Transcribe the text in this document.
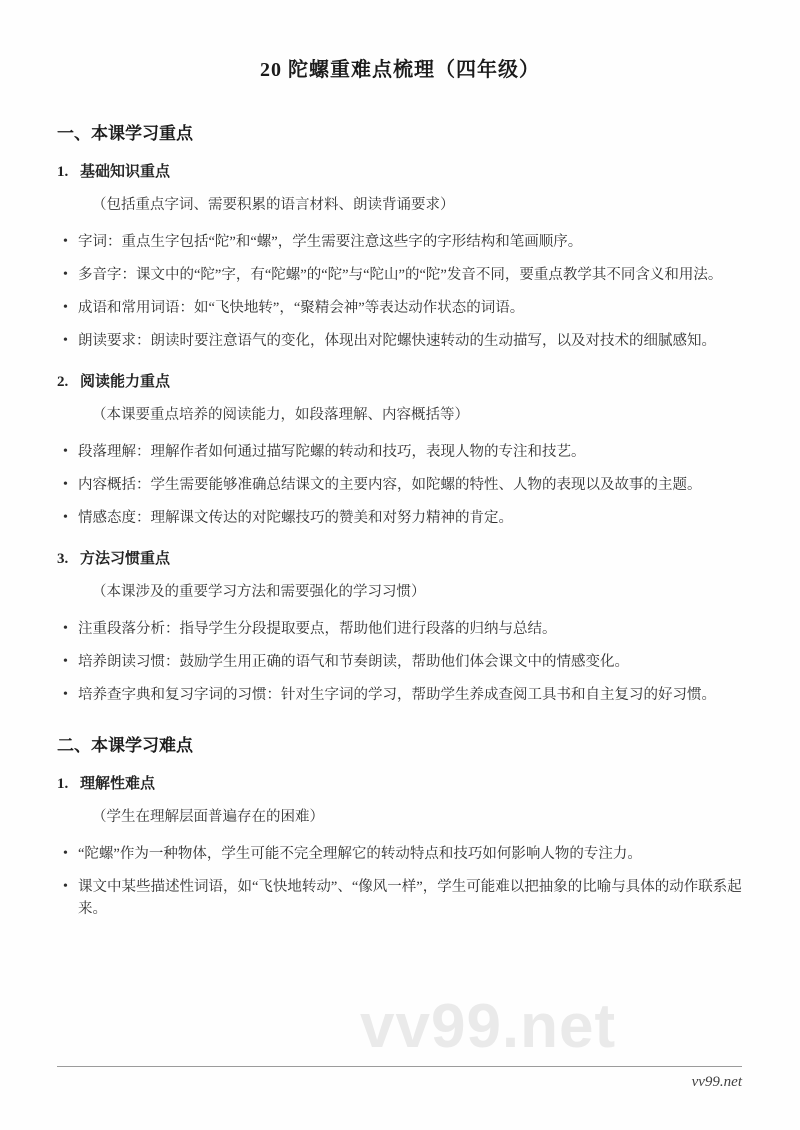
vv99.net
20 陀螺重难点梳理（四年级）
一、本课学习重点
1. 基础知识重点
（包括重点字词、需要积累的语言材料、朗读背诵要求）
• 字词：重点生字包括“陀”和“螺”，学生需要注意这些字的字形结构和笔画顺序。
• 多音字：课文中的“陀”字，有“陀螺”的“陀”与“陀山”的“陀”发音不同，要重点教学其不同含义和用法。
• 成语和常用词语：如“飞快地转”，“聚精会神”等表达动作状态的词语。
• 朗读要求：朗读时要注意语气的变化，体现出对陀螺快速转动的生动描写，以及对技术的细腻感知。
2. 阅读能力重点
（本课要重点培养的阅读能力，如段落理解、内容概括等）
• 段落理解：理解作者如何通过描写陀螺的转动和技巧，表现人物的专注和技艺。
• 内容概括：学生需要能够准确总结课文的主要内容，如陀螺的特性、人物的表现以及故事的主题。
• 情感态度：理解课文传达的对陀螺技巧的赞美和对努力精神的肯定。
3. 方法习惯重点
（本课涉及的重要学习方法和需要强化的学习习惯）
• 注重段落分析：指导学生分段提取要点，帮助他们进行段落的归纳与总结。
• 培养朗读习惯：鼓励学生用正确的语气和节奏朗读，帮助他们体会课文中的情感变化。
• 培养查字典和复习字词的习惯：针对生字词的学习，帮助学生养成查阅工具书和自主复习的好习惯。
二、本课学习难点
1. 理解性难点
（学生在理解层面普遍存在的困难）
• “陀螺”作为一种物体，学生可能不完全理解它的转动特点和技巧如何影响人物的专注力。
• 课文中某些描述性词语，如“飞快地转动”、“像风一样”，学生可能难以把抽象的比喻与具体的动作联系起来。
vv99.net
